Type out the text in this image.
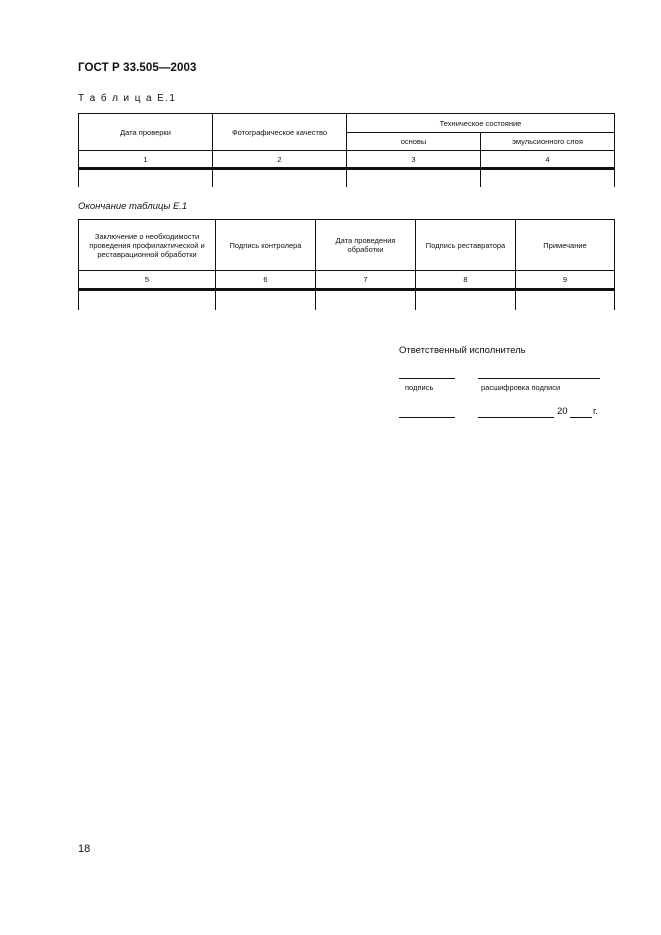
ГОСТ Р 33.505—2003
Т а б л и ц а Е.1
Дата проверки	Фотографическое качество	Техническое состояние	
		основы	эмульсионного слоя
1	2	3	4

Окончание таблицы Е.1
Заключение о необходимости проведения профилактической и реставрационной обработки	Подпись контролера	Дата проведения обработки	Подпись реставратора	Примечание
5	6	7	8	9

Ответственный исполнитель
подпись	расшифровка подписи
20	г.
18
